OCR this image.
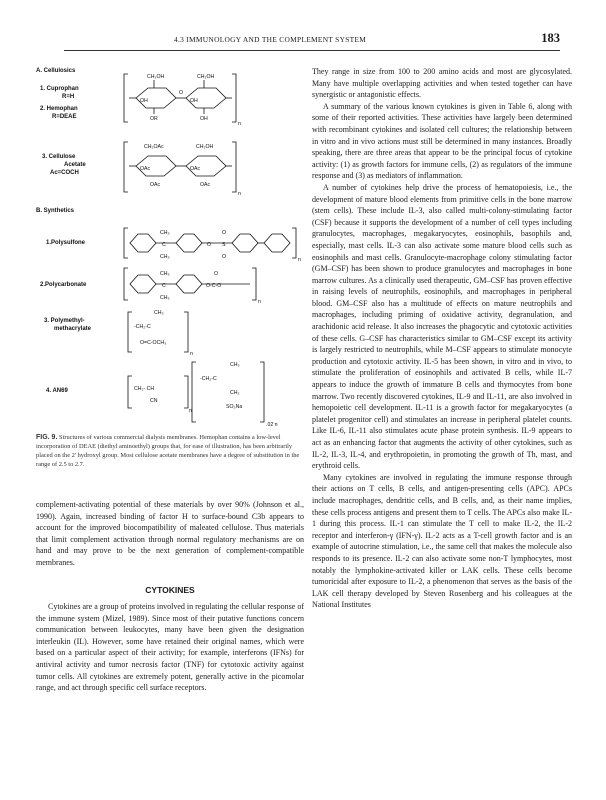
4.3 IMMUNOLOGY AND THE COMPLEMENT SYSTEM	183
A. Cellulosics
1. Cuprophan
R=H
2. Hemophan
R=DEAE
CH₂OH	CH₂OH
OH	OH
OR	OH
O
n
3. Cellulose
Acetate
Ac=COCH
CH₂OAc	CH₂OH
OAc	OAc
OAc	OAc
n
B. Synthetics
1.Polysulfone
CH₃
C
CH₃
O
O
S
O	n
2.Polycarbonate
CH₃
C
CH₃
O-C-O
O
n
3. Polymethyl-
methacrylate
CH₃
-CH₂-C
O=C-OCH₃
n
4. AN69	CH₂- CH
CN
n
CH₃
-CH₂-C
CH₂
SO₃Na
.02 n
FIG. 9. Structures of various commercial dialysis membranes. Hemophan contains a low-level incorporation of DEAE (diethyl aminoethyl) groups that, for ease of illustration, has been arbitrarily placed on the 2' hydroxyl group. Most cellulose acetate membranes have a degree of substitution in the range of 2.5 to 2.7.

complement-activating potential of these materials by over 90% (Johnson et al., 1990). Again, increased binding of factor H to surface-bound C3b appears to account for the improved biocompatibility of maleated cellulose. Thus materials that limit complement activation through normal regulatory mechanisms are on hand and may prove to be the next generation of complement-compatible membranes.

CYTOKINES

Cytokines are a group of proteins involved in regulating the cellular response of the immune system (Mizel, 1989). Since most of their putative functions concern communication between leukocytes, many have been given the designation interleukin (IL). However, some have retained their original names, which were based on a particular aspect of their activity; for example, interferons (IFNs) for antiviral activity and tumor necrosis factor (TNF) for cytotoxic activity against tumor cells. All cytokines are extremely potent, generally active in the picomolar range, and act through specific cell surface receptors.

They range in size from 100 to 200 amino acids and most are glycosylated. Many have multiple overlapping activities and when tested together can have synergistic or antagonistic effects.

A summary of the various known cytokines is given in Table 6, along with some of their reported activities. These activities have largely been determined with recombinant cytokines and isolated cell cultures; the relationship between in vitro and in vivo actions must still be determined in many instances. Broadly speaking, there are three areas that appear to be the principal focus of cytokine activity: (1) as growth factors for immune cells, (2) as regulators of the immune response and (3) as mediators of inflammation.

A number of cytokines help drive the process of hematopoiesis, i.e., the development of mature blood elements from primitive cells in the bone marrow (stem cells). These include IL-3, also called multi-colony-stimulating factor (CSF) because it supports the development of a number of cell types including granulocytes, macrophages, megakaryocytes, eosinophils, basophils and, especially, mast cells. IL-3 can also activate some mature blood cells such as eosinophils and mast cells. Granulocyte-macrophage colony stimulating factor (GM–CSF) has been shown to produce granulocytes and macrophages in bone marrow cultures. As a clinically used therapeutic, GM–CSF has proven effective in raising levels of neutrophils, eosinophils, and macrophages in peripheral blood. GM–CSF also has a multitude of effects on mature neutrophils and macrophages, including priming of oxidative activity, degranulation, and arachidonic acid release. It also increases the phagocytic and cytotoxic activities of these cells. G–CSF has characteristics similar to GM–CSF except its activity is largely restricted to neutrophils, while M–CSF appears to stimulate monocyte production and cytotoxic activity. IL-5 has been shown, in vitro and in vivo, to stimulate the proliferation of eosinophils and activated B cells, while IL-7 appears to induce the growth of immature B cells and thymocytes from bone marrow. Two recently discovered cytokines, IL-9 and IL-11, are also involved in hemopoietic cell development. IL-11 is a growth factor for megakaryocytes (a platelet progenitor cell) and stimulates an increase in peripheral platelet counts. Like IL-6, IL-11 also stimulates acute phase protein synthesis. IL-9 appears to act as an enhancing factor that augments the activity of other cytokines, such as IL-2, IL-3, IL-4, and erythropoietin, in promoting the growth of Th, mast, and erythroid cells.

Many cytokines are involved in regulating the immune response through their actions on T cells, B cells, and antigen-presenting cells (APC). APCs include macrophages, dendritic cells, and B cells, and, as their name implies, these cells process antigens and present them to T cells. The APCs also make IL-1 during this process. IL-1 can stimulate the T cell to make IL-2, the IL-2 receptor and interferon-γ (IFN-γ). IL-2 acts as a T-cell growth factor and is an example of autocrine stimulation, i.e., the same cell that makes the molecule also responds to its presence. IL-2 can also activate some non-T lymphocytes, most notably the lymphokine-activated killer or LAK cells. These cells become tumoricidal after exposure to IL-2, a phenomenon that serves as the basis of the LAK cell therapy developed by Steven Rosenberg and his colleagues at the National Institutes
